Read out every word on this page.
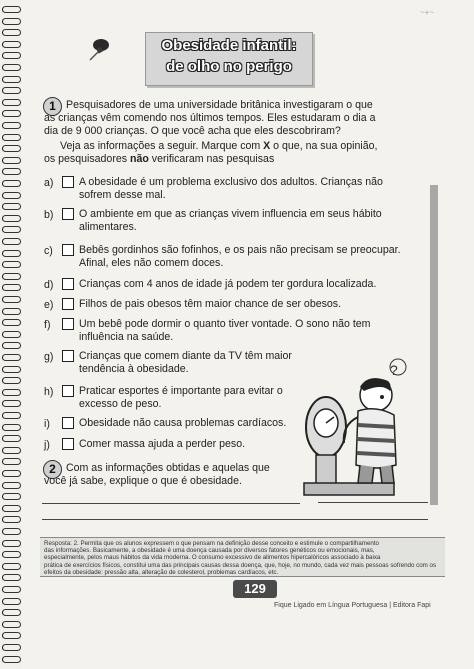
~+~
Obesidade infantil:
de olho no perigo
1 Pesquisadores de uma universidade britânica investigaram o que
as crianças vêm comendo nos últimos tempos. Eles estudaram o dia a
dia de 9 000 crianças. O que você acha que eles descobriram?
Veja as informações a seguir. Marque com X o que, na sua opinião,
os pesquisadores não verificaram nas pesquisas
a) A obesidade é um problema exclusivo dos adultos. Crianças não
sofrem desse mal.
b) O ambiente em que as crianças vivem influencia em seus hábito
alimentares.
c) Bebês gordinhos são fofinhos, e os pais não precisam se preocupar.
Afinal, eles não comem doces.
d) Crianças com 4 anos de idade já podem ter gordura localizada.
e) Filhos de pais obesos têm maior chance de ser obesos.
f)	Um bebê pode dormir o quanto tiver vontade. O sono não tem
influência na saúde.
g) Crianças que comem diante da TV têm maior
tendência à obesidade.
h) Praticar esportes é importante para evitar o
excesso de peso.
i)	Obesidade não causa problemas cardíacos.
j)	Comer massa ajuda a perder peso.
?
2 Com as informações obtidas e aquelas que
você já sabe, explique o que é obesidade.
Resposta: 2. Permita que os alunos expressem o que pensam na definição desse conceito e estimule o compartilhamento
das informações. Basicamente, a obesidade é uma doença causada por diversos fatores genéticos ou emocionais, mas,
especialmente, pelos maus hábitos da vida moderna. O consumo excessivo de alimentos hipercalóricos associado à baixa
prática de exercícios físicos, constitui uma das principais causas dessa doença, que, hoje, no mundo, cada vez mais pessoas sofrendo com os
efeitos da obesidade: pressão alta, alteração de colesterol, problemas cardíacos, etc.
129
Fique Ligado em Língua Portuguesa | Editora Fapi
